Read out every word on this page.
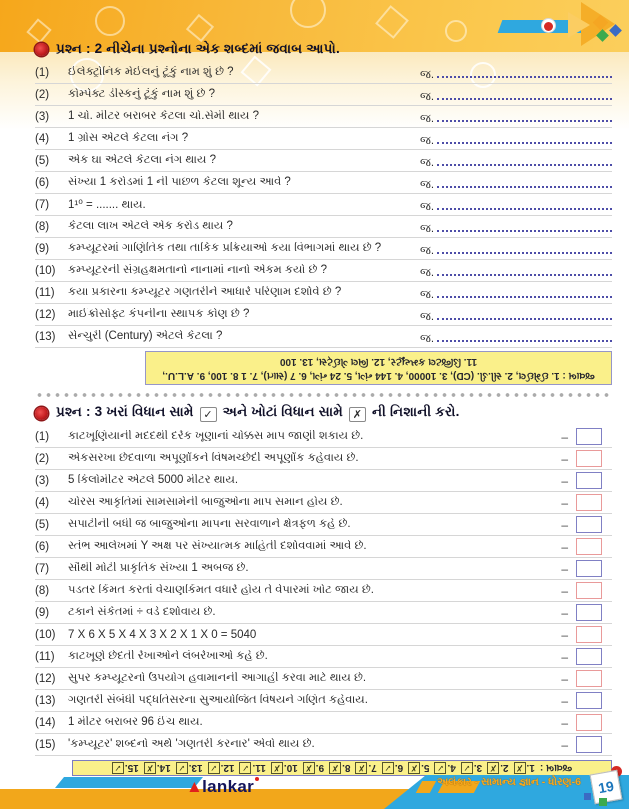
પ્રશ્ન : 2 નીચેના પ્રશ્નોના એક શબ્દમાં જવાબ આપો.
(1)	ઈલેક્ટ્રોનિક મેઈલનું ટૂંકું નામ શું છે ?	જ.
(2)	કોમ્પેક્ટ ડીસ્કનું ટૂંકું નામ શું છે ?	જ.
(3)	1 ચો. મીટર બરાબર કેટલા ચો.સેમી થાય ?	જ.
(4)	1 ગ્રોસ એટલે કેટલા નંગ ?	જ.
(5)	એક ઘા એટલે કેટલા નંગ થાય ?	જ.
(6)	સંખ્યા 1 કરોડમાં 1 ની પાછળ કેટલા શૂન્ય આવે ?	જ.
(7)	1¹⁰ = ....... થાય.	જ.
(8)	કેટલા લાખ એટલે એક કરોડ થાય ?	જ.
(9)	કમ્પ્યૂટરમાં ગાણિતિક તથા તાર્કિક પ્રક્રિયાઓ કયા વિભાગમાં થાય છે ?	જ.
(10)	કમ્પ્યૂટરની સંગ્રહક્ષમતાનો નાનામાં નાનો એકમ કયો છે ?	જ.
(11)	કયા પ્રકારના કમ્પ્યૂટર ગણતરીને આધારે પરિણામ દર્શાવે છે ?	જ.
(12)	માઈક્રોસોફ્ટ કંપનીના સ્થાપક કોણ છે ?	જ.
(13)	સેન્ચુરી (Century) એટલે કેટલા ?	જ.
જવાબ : 1. ઈમેઈલ, 2. સી.ડી. (CD), 3. 10000, 4. 144 નંગ, 5. 24 નંગ, 6. 7 (સાત), 7. 1 8. 100, 9. A.L.U.,
11. ડિજિટલ કમ્પ્યૂટર, 12. બિલ ગેઈટ્સ, 13. 100
પ્રશ્ન : 3 ખરાં વિધાન સામે ✓ અને ખોટાં વિધાન સામે ✗ ની નિશાની કરો.
(1)	કાટખૂણિયાની મદદથી દરેક ખૂણાનાં ચોક્કસ માપ જાણી શકાય છે.	–
(2)	એકસરખા છેદવાળા અપૂર્ણાંકને વિષમચ્છેદી અપૂર્ણાંક કહેવાય છે.	–
(3)	5 કિલોમીટર એટલે 5000 મીટર થાય.	–
(4)	ચોરસ આકૃતિમાં સામસામેની બાજુઓના માપ સમાન હોય છે.	–
(5)	સપાટીની બધી જ બાજુઓના માપના સરવાળાને ક્ષેત્રફળ કહે છે.	–
(6)	સ્તંભ આલેખમાં Y અક્ષ પર સંખ્યાત્મક માહિતી દર્શાવવામાં આવે છે.	–
(7)	સૌથી મોટી પ્રાકૃતિક સંખ્યા 1 અબજ છે.	–
(8)	પડતર કિંમત કરતાં વેચાણકિંમત વધારે હોય તે વેપારમાં ખોટ જાય છે.	–
(9)	ટકાને સંકેતમાં ÷ વડે દર્શાવાય છે.	–
(10)	7 X 6 X 5 X 4 X 3 X 2 X 1 X 0 = 5040	–
(11)	કાટખૂણે છેદતી રેખાઓને લંબરેખાઓ કહે છે.	–
(12)	સુપર કમ્પ્યૂટરનો ઉપયોગ હવામાનની આગાહી કરવા માટે થાય છે.	–
(13)	ગણતરી સંબંધી પદ્ધતિસરના સુઆયોજિત વિષયને ગણિત કહેવાય.	–
(14)	1 મીટર બરાબર 96 ઈંચ થાય.	–
(15)	'કમ્પ્યૂટર' શબ્દનો અર્થ 'ગણતરી કરનાર' એવો થાય છે.	–
જવાબ :
1.
✗
2.
✗
3.
✓
4.
✓
5.
✗
6.
✓
7.
✗
8.
✗
9.
✗
10.
✗
11.
✓
12.
✓
13.
✓
14.
✗
15.
✓
▲ lankar	અલંકાર - સામાન્ય જ્ઞાન - ધોરણ-6	19
